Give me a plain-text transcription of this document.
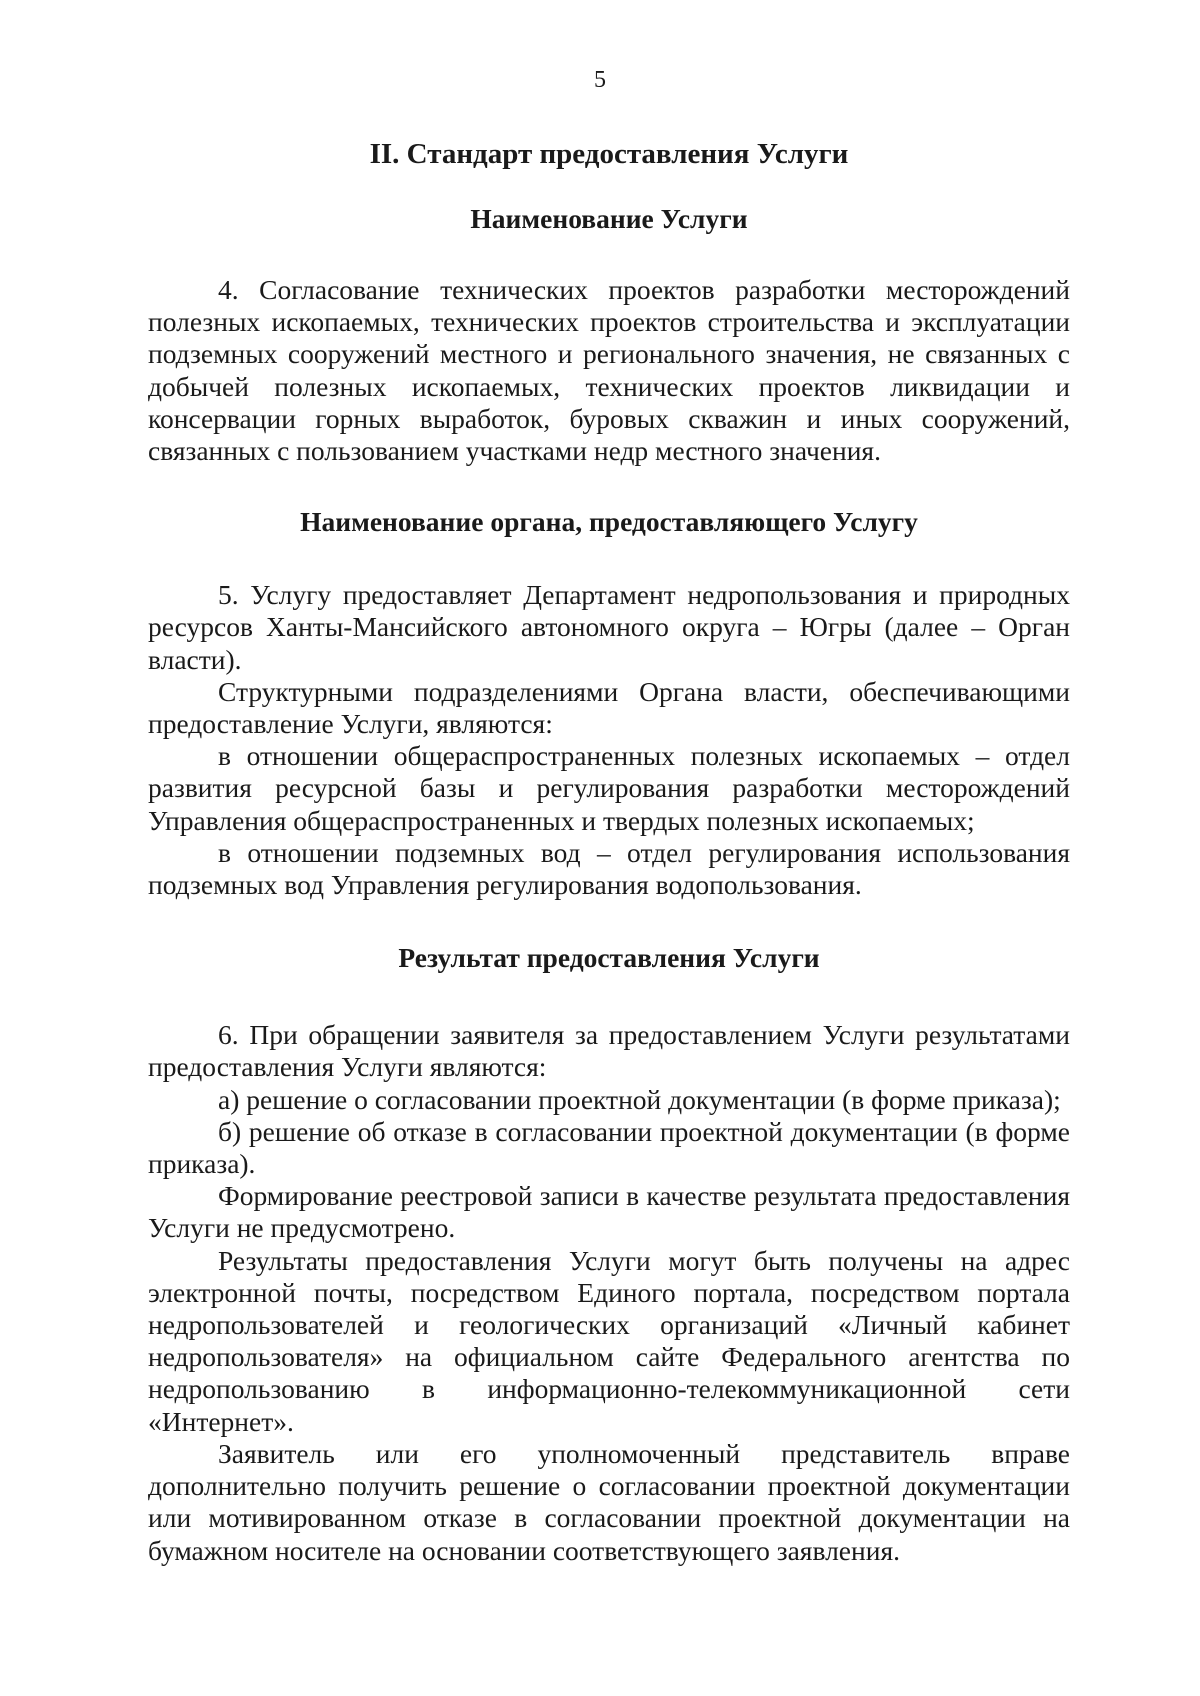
5
II. Стандарт предоставления Услуги
Наименование Услуги

4. Согласование технических проектов разработки месторождений полезных ископаемых, технических проектов строительства и эксплуатации подземных сооружений местного и регионального значения, не связанных с добычей полезных ископаемых, технических проектов ликвидации и консервации горных выработок, буровых скважин и иных сооружений, связанных с пользованием участками недр местного значения.

Наименование органа, предоставляющего Услугу

5. Услугу предоставляет Департамент недропользования и природных ресурсов Ханты-Мансийского автономного округа – Югры (далее – Орган власти).

Структурными подразделениями Органа власти, обеспечивающими предоставление Услуги, являются:

в отношении общераспространенных полезных ископаемых – отдел развития ресурсной базы и регулирования разработки месторождений Управления общераспространенных и твердых полезных ископаемых;

в отношении подземных вод – отдел регулирования использования подземных вод Управления регулирования водопользования.

Результат предоставления Услуги

6. При обращении заявителя за предоставлением Услуги результатами предоставления Услуги являются:

а) решение о согласовании проектной документации (в форме приказа);

б) решение об отказе в согласовании проектной документации (в форме приказа).

Формирование реестровой записи в качестве результата предоставления Услуги не предусмотрено.

Результаты предоставления Услуги могут быть получены на адрес электронной почты, посредством Единого портала, посредством портала недропользователей и геологических организаций «Личный кабинет недропользователя» на официальном сайте Федерального агентства по недропользованию в информационно-телекоммуникационной сети «Интернет».

Заявитель или его уполномоченный представитель вправе дополнительно получить решение о согласовании проектной документации или мотивированном отказе в согласовании проектной документации на бумажном носителе на основании соответствующего заявления.
